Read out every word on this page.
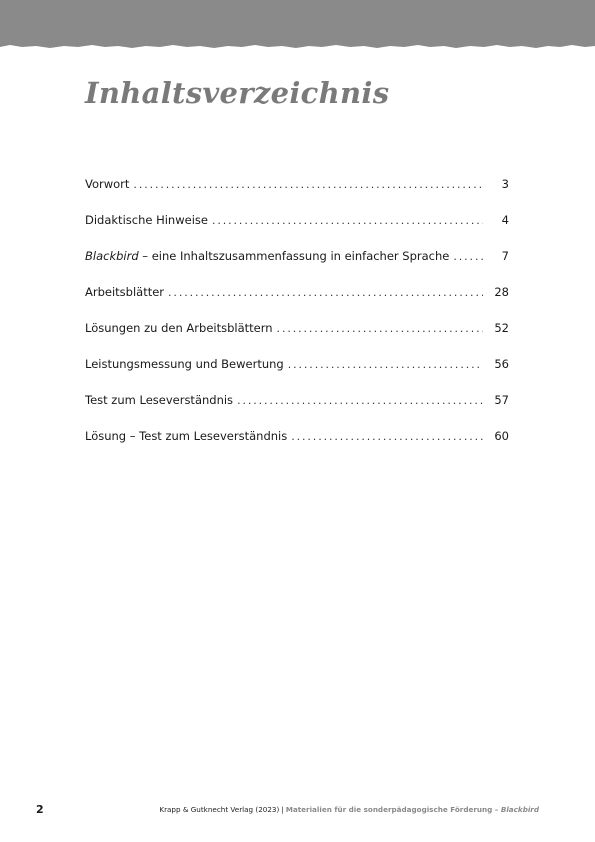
Inhaltsverzeichnis
Vorwort . . .	3
Didaktische Hinweise . . .	4
Blackbird – eine Inhaltszusammenfassung in einfacher Sprache . . .	7
Arbeitsblätter . . .	28
Lösungen zu den Arbeitsblättern . . .	52
Leistungsmessung und Bewertung . . .	56
Test zum Leseverständnis . . .	57
Lösung – Test zum Leseverständnis . . .	60
2	Krapp & Gutknecht Verlag (2023) | Materialien für die sonderpädagogische Förderung – Blackbird
